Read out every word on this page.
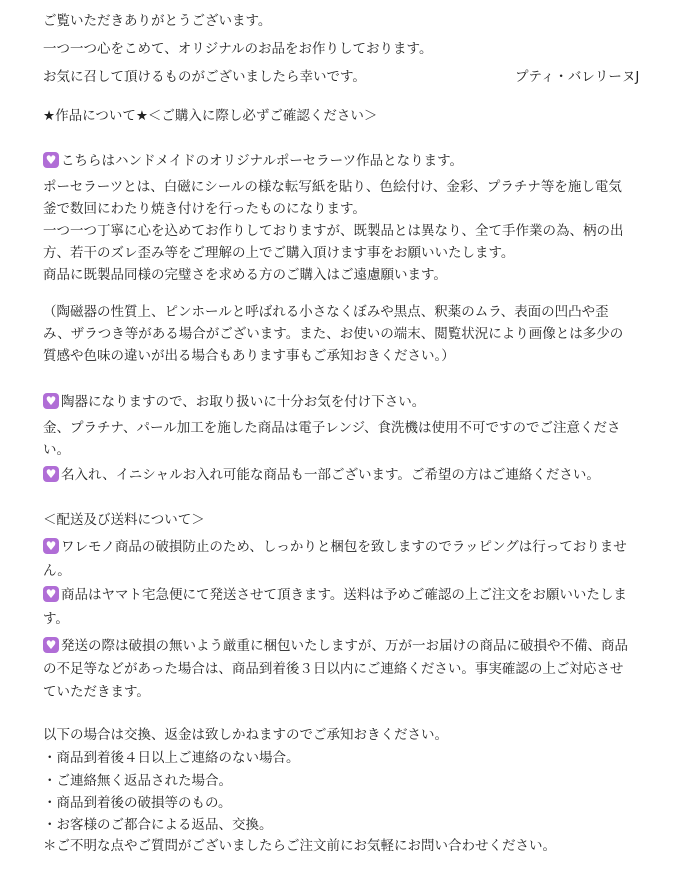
ご覧いただきありがとうございます。
一つ一つ心をこめて、オリジナルのお品をお作りしております。
お気に召して頂けるものがございましたら幸いです。	プティ・バレリーヌJ
★作品について★＜ご購入に際し必ずご確認ください＞
♥こちらはハンドメイドのオリジナルポーセラーツ作品となります。
ポーセラーツとは、白磁にシールの様な転写紙を貼り、色絵付け、金彩、プラチナ等を施し電気
釜で数回にわたり焼き付けを行ったものになります。
一つ一つ丁寧に心を込めてお作りしておりますが、既製品とは異なり、全て手作業の為、柄の出
方、若干のズレ歪み等をご理解の上でご購入頂けます事をお願いいたします。
商品に既製品同様の完璧さを求める方のご購入はご遠慮願います。
（陶磁器の性質上、ピンホールと呼ばれる小さなくぼみや黒点、釈薬のムラ、表面の凹凸や歪
み、ザラつき等がある場合がございます。また、お使いの端末、閲覧状況により画像とは多少の
質感や色味の違いが出る場合もあります事もご承知おきください。）
♥陶器になりますので、お取り扱いに十分お気を付け下さい。
金、プラチナ、パール加工を施した商品は電子レンジ、食洗機は使用不可ですのでご注意くださ
い。
♥名入れ、イニシャルお入れ可能な商品も一部ございます。ご希望の方はご連絡ください。
＜配送及び送料について＞
♥ワレモノ商品の破損防止のため、しっかりと梱包を致しますのでラッピングは行っておりませ
ん。
♥商品はヤマト宅急便にて発送させて頂きます。送料は予めご確認の上ご注文をお願いいたしま
す。
♥発送の際は破損の無いよう厳重に梱包いたしますが、万が一お届けの商品に破損や不備、商品
の不足等などがあった場合は、商品到着後３日以内にご連絡ください。事実確認の上ご対応させ
ていただきます。
以下の場合は交換、返金は致しかねますのでご承知おきください。
・商品到着後４日以上ご連絡のない場合。
・ご連絡無く返品された場合。
・商品到着後の破損等のもの。
・お客様のご都合による返品、交換。
＊ご不明な点やご質問がございましたらご注文前にお気軽にお問い合わせください。
